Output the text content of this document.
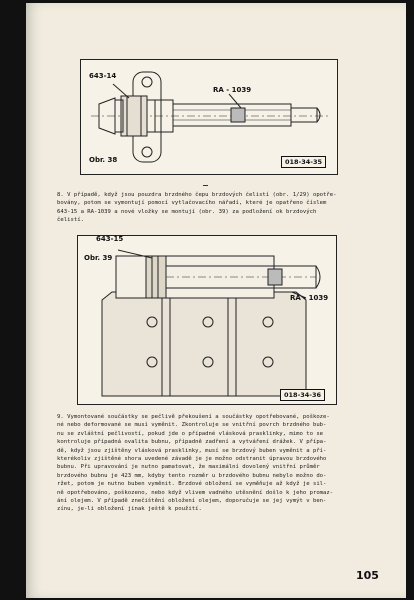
643-14
RA - 1039
Obr. 38	018-34-35
8. V případě, když jsou pouzdra brzdného čepu brzdových čelistí (obr. 1/29) opotře-
bovány, potom se vymontují pomocí vytlačovacího nářadí, které je opatřeno číslem
643-15 a RA-1039 a nové vložky se montují (obr. 39) za podložení ok brzdových
čelistí.
643-15
Obr. 39
RA - 1039
018-34-36
9. Vymontované součástky se pečlivě překoušení a součástky opotřebované, poškoze-
né nebo deformované se musí vyměnit. Zkontroluje se vnitřní povrch brzdného bub-
nu se zvláštní pečlivostí, pokud jde o případné vlásková prasklinky, mimo to se
kontroluje případná ovalita bubnu, případně zadření a vytváření drážek. V přípa-
dě, když jsou zjištěny vlásková prasklinky, musí se brzdový buben vyměnit a pří-
kterékoliv zjištěné shora uvedené závadě je je možno odstranit úpravou brzdového
bubnu. Při upravování je nutno pamatovat, že maximální dovolený vnitřní průměr
brzdového bubnu je 423 mm, kdyby tento rozměr u brzdového bubnu nebylo možno do-
ržet, potom je nutno buben vyměnit. Brzdové obložení se vyměňuje až když je sil-
ně opotřebováno, poškozeno, nebo když vlivem vadného utěsnění došlo k jeho promaz-
ání olejem. V případě znečištění obložení olejem, doporučuje se jej vymýt v ben-
zínu, je-li obložení jinak ještě k použití.
105
